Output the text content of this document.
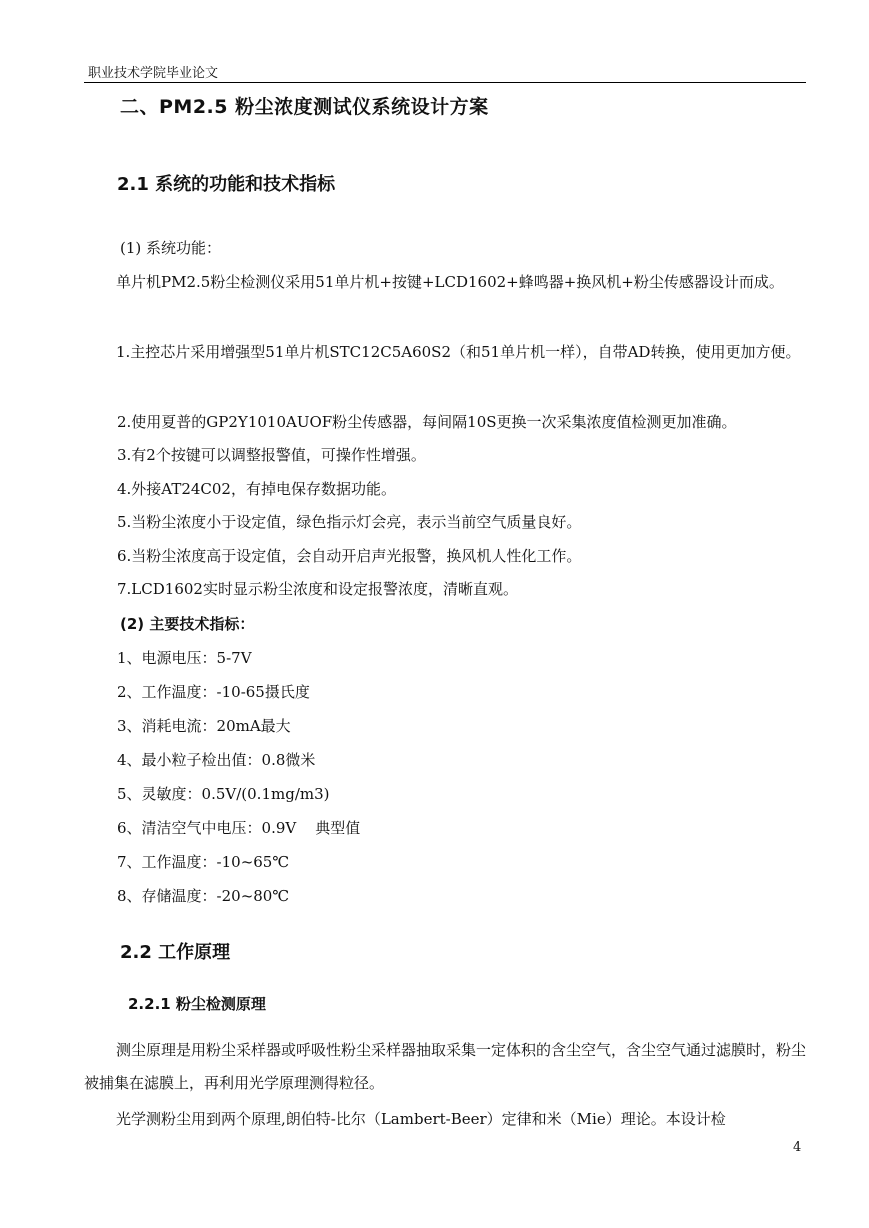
职业技术学院毕业论文
二、PM2.5 粉尘浓度测试仪系统设计方案
2.1 系统的功能和技术指标
(1) 系统功能：
单片机PM2.5粉尘检测仪采用51单片机+按键+LCD1602+蜂鸣器+换风机+粉尘传感器设计而成。
1.主控芯片采用增强型51单片机STC12C5A60S2（和51单片机一样），自带AD转换，使用更加方便。
2.使用夏普的GP2Y1010AUOF粉尘传感器，每间隔10S更换一次采集浓度值检测更加准确。
3.有2个按键可以调整报警值，可操作性增强。
4.外接AT24C02，有掉电保存数据功能。
5.当粉尘浓度小于设定值，绿色指示灯会亮，表示当前空气质量良好。
6.当粉尘浓度高于设定值，会自动开启声光报警，换风机人性化工作。
7.LCD1602实时显示粉尘浓度和设定报警浓度，清晰直观。
(2) 主要技术指标：
1、电源电压：5-7V
2、工作温度：-10-65摄氏度
3、消耗电流：20mA最大
4、最小粒子检出值：0.8微米
5、灵敏度：0.5V/(0.1mg/m3)
6、清洁空气中电压：0.9V    典型值
7、工作温度：-10~65℃
8、存储温度：-20~80℃
2.2 工作原理
2.2.1 粉尘检测原理
测尘原理是用粉尘采样器或呼吸性粉尘采样器抽取采集一定体积的含尘空气，含尘空气通过滤膜时，粉尘被捕集在滤膜上，再利用光学原理测得粒径。
光学测粉尘用到两个原理,朗伯特-比尔（Lambert-Beer）定律和米（Mie）理论。本设计检
4
